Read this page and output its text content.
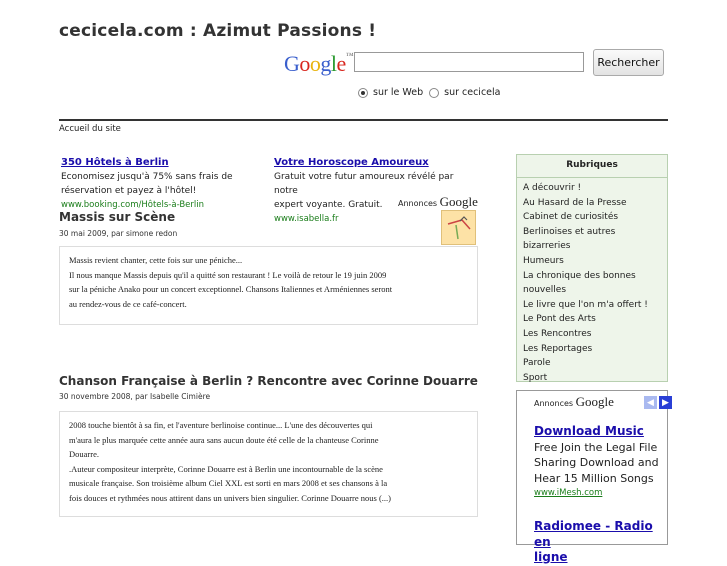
cecicela.com : Azimut Passions !
Google™
Rechercher
sur le Web sur cecicela
Accueil du site
350 Hôtels à Berlin
Economisez jusqu'à 75% sans frais de
réservation et payez à l'hôtel!
www.booking.com/Hôtels-à-Berlin
Votre Horoscope Amoureux
Gratuit votre futur amoureux révélé par notre
expert voyante. Gratuit.
www.isabella.fr
Annonces Google
Massis sur Scène
30 mai 2009, par simone redon
Massis revient chanter, cette fois sur une péniche...
Il nous manque Massis depuis qu'il a quitté son restaurant ! Le voilà de retour le 19 juin 2009
sur la péniche Anako pour un concert exceptionnel. Chansons Italiennes et Arméniennes seront
au rendez-vous de ce café-concert.
Chanson Française à Berlin ? Rencontre avec Corinne Douarre
30 novembre 2008, par Isabelle Cimière
2008 touche bientôt à sa fin, et l'aventure berlinoise continue... L'une des découvertes qui
m'aura le plus marquée cette année aura sans aucun doute été celle de la chanteuse Corinne
Douarre.
.Auteur compositeur interprète, Corinne Douarre est à Berlin une incontournable de la scène
musicale française. Son troisième album Ciel XXL est sorti en mars 2008 et ses chansons à la
fois douces et rythmées nous attirent dans un univers bien singulier. Corinne Douarre nous (...)
Rubriques
A découvrir !
Au Hasard de la Presse
Cabinet de curiosités
Berlinoises et autres
bizarreries
Humeurs
La chronique des bonnes
nouvelles
Le livre que l'on m'a offert !
Le Pont des Arts
Les Rencontres
Les Reportages
Parole
Sport
Annonces Google	◀ ▶
Download Music
Free Join the Legal File
Sharing Download and
Hear 15 Million Songs
www.iMesh.com
Radiomee - Radio en
ligne
